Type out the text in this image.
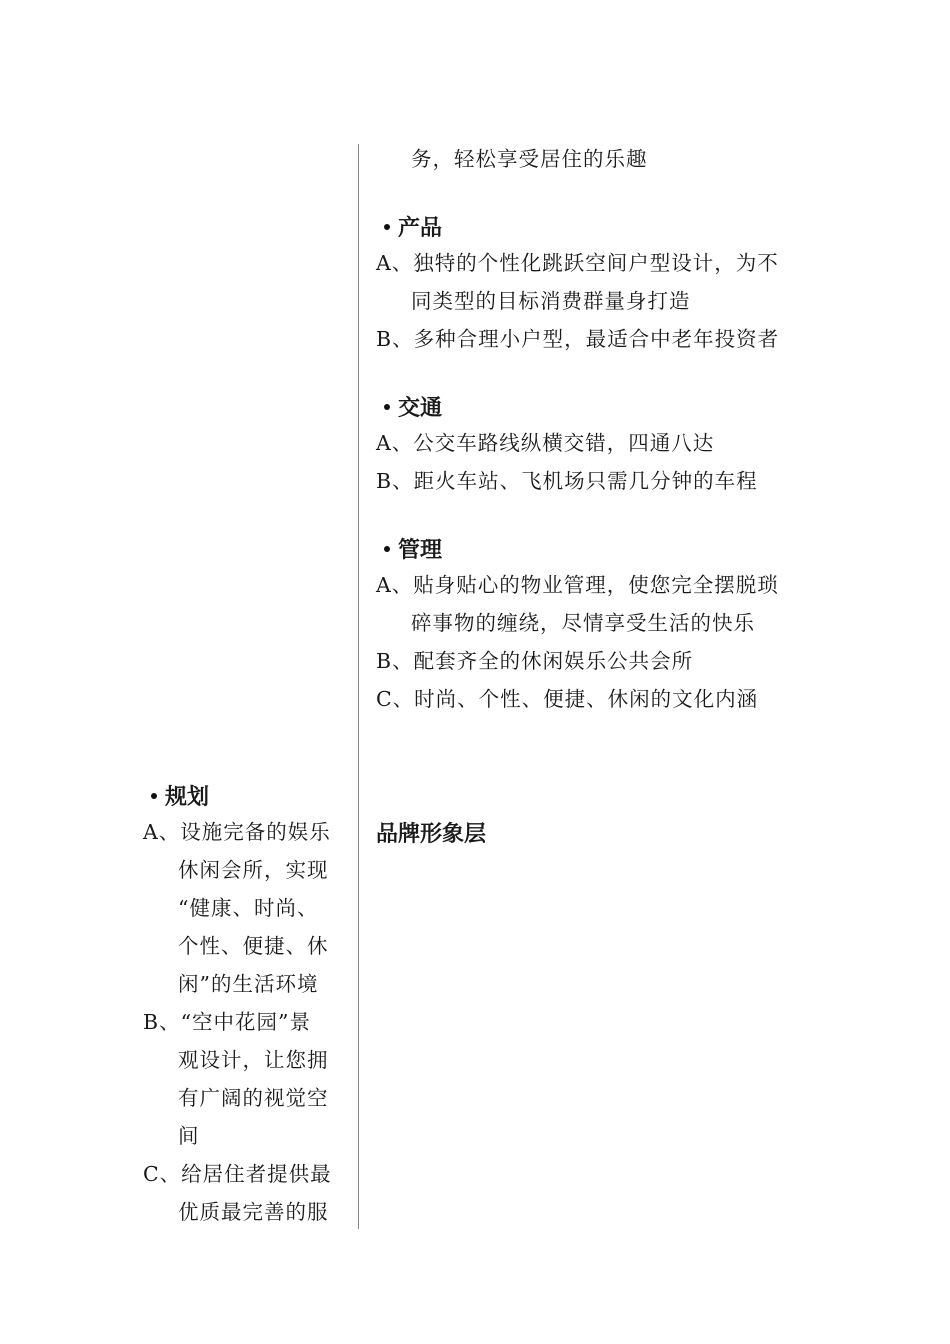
务，轻松享受居住的乐趣
产品
A、独特的个性化跳跃空间户型设计，为不
同类型的目标消费群量身打造
B、多种合理小户型，最适合中老年投资者
交通
A、公交车路线纵横交错，四通八达
B、距火车站、飞机场只需几分钟的车程
管理
A、贴身贴心的物业管理，使您完全摆脱琐
碎事物的缠绕，尽情享受生活的快乐
B、配套齐全的休闲娱乐公共会所
C、时尚、个性、便捷、休闲的文化内涵
规划
A、设施完备的娱乐
休闲会所，实现
“健康、时尚、
个性、便捷、休
闲”的生活环境
B、“空中花园”景
观设计，让您拥
有广阔的视觉空
间
C、给居住者提供最
优质最完善的服
品牌形象层
